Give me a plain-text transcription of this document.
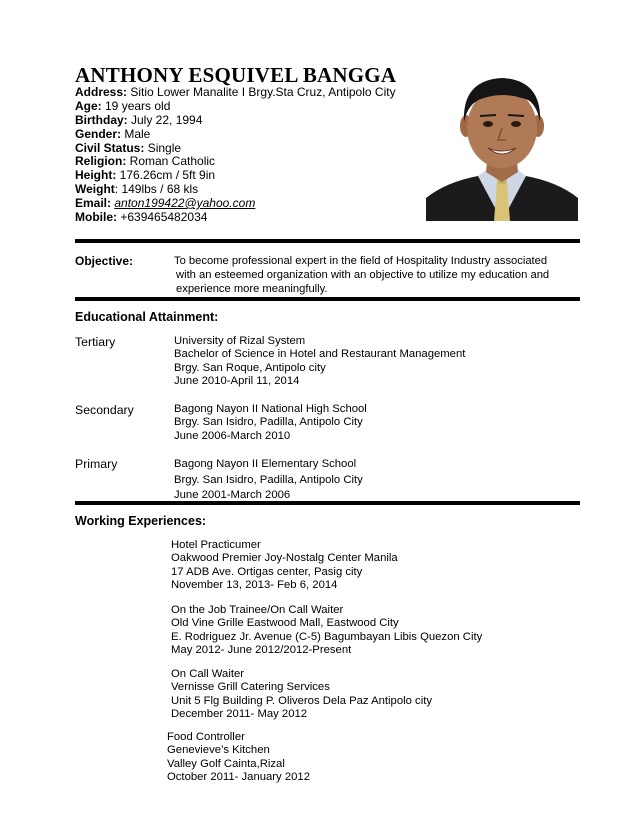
ANTHONY ESQUIVEL BANGGA
Address: Sitio Lower Manalite I Brgy.Sta Cruz, Antipolo City
Age: 19 years old
Birthday: July 22, 1994
Gender: Male
Civil Status: Single
Religion: Roman Catholic
Height: 176.26cm / 5ft 9in
Weight: 149lbs / 68 kls
Email: anton199422@yahoo.com
Mobile: +639465482034
Objective:	To become professional expert in the field of Hospitality Industry associated
with an esteemed organization with an objective to utilize my education and
experience more meaningfully.
Educational Attainment:
Tertiary	University of Rizal System
Bachelor of Science in Hotel and Restaurant Management
Brgy. San Roque, Antipolo city
June 2010-April 11, 2014
Secondary	Bagong Nayon II National High School
Brgy. San Isidro, Padilla, Antipolo City
June 2006-March 2010
Primary	Bagong Nayon II Elementary School
Brgy. San Isidro, Padilla, Antipolo City
June 2001-March 2006
Working Experiences:
Hotel Practicumer
Oakwood Premier Joy-Nostalg Center Manila
17 ADB Ave. Ortigas center, Pasig city
November 13, 2013- Feb 6, 2014
On the Job Trainee/On Call Waiter
Old Vine Grille Eastwood Mall, Eastwood City
E. Rodriguez Jr. Avenue (C-5) Bagumbayan Libis Quezon City
May 2012- June 2012/2012-Present
On Call Waiter
Vernisse Grill Catering Services
Unit 5 Flg Building P. Oliveros Dela Paz Antipolo city
December 2011- May 2012
Food Controller
Genevieve’s Kitchen
Valley Golf Cainta,Rizal
October 2011- January 2012
